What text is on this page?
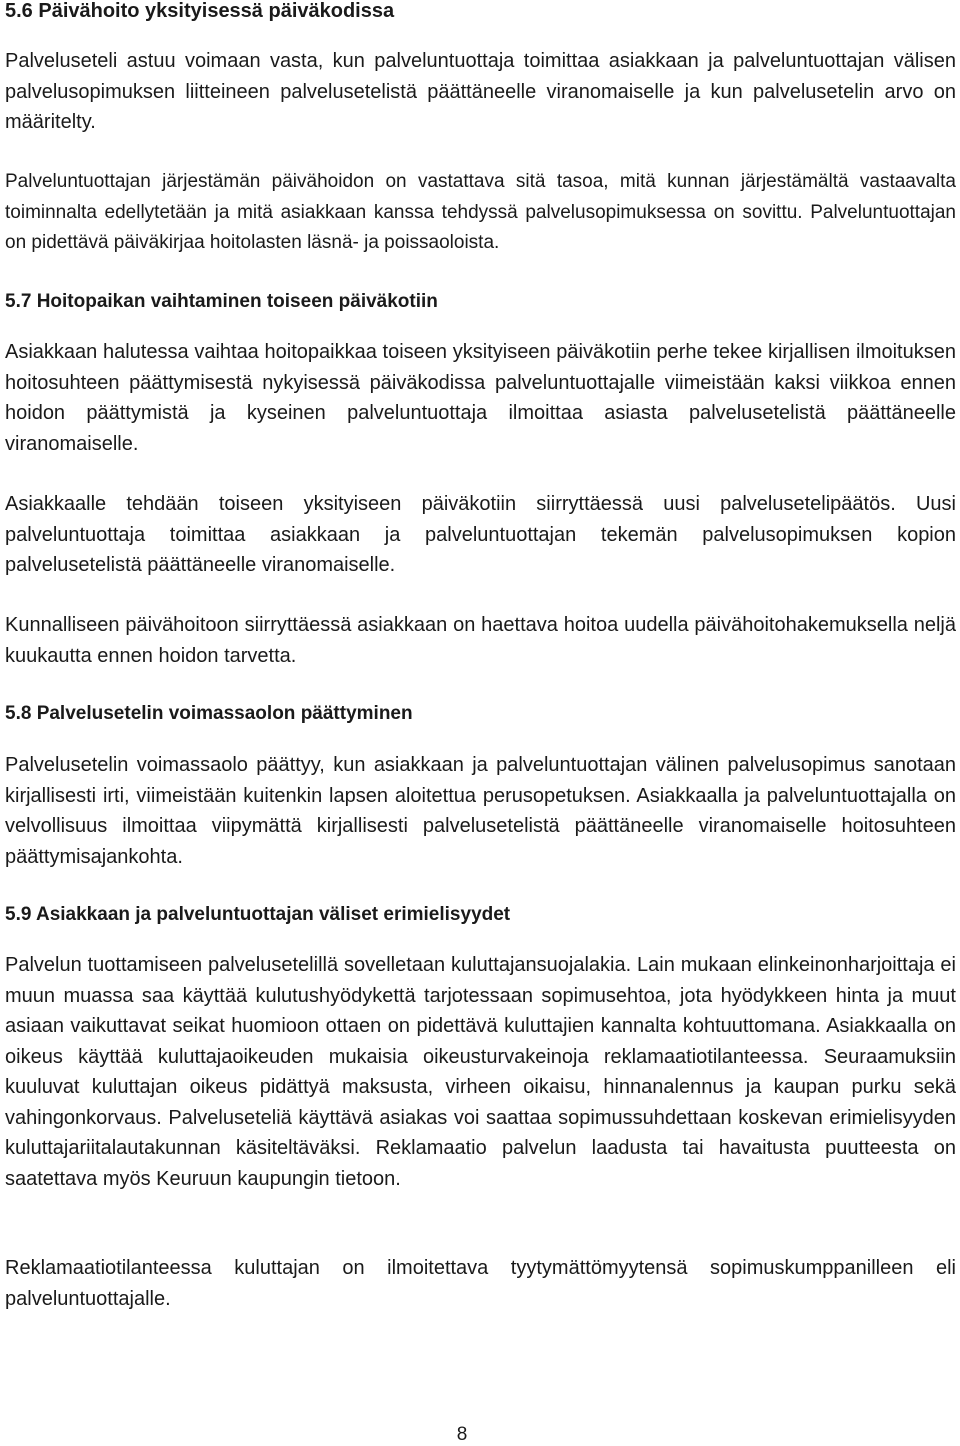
5.6 Päivähoito yksityisessä päiväkodissa

Palveluseteli astuu voimaan vasta, kun palveluntuottaja toimittaa asiakkaan ja palveluntuottajan välisen palvelusopimuksen liitteineen palvelusetelistä päättäneelle viranomaiselle ja kun palvelusetelin arvo on määritelty.

Palveluntuottajan järjestämän päivähoidon on vastattava sitä tasoa, mitä kunnan järjestämältä vastaavalta toiminnalta edellytetään ja mitä asiakkaan kanssa tehdyssä palvelusopimuksessa on sovittu. Palveluntuottajan on pidettävä päiväkirjaa hoitolasten läsnä- ja poissaoloista.

5.7 Hoitopaikan vaihtaminen toiseen päiväkotiin

Asiakkaan halutessa vaihtaa hoitopaikkaa toiseen yksityiseen päiväkotiin perhe tekee kirjallisen ilmoituksen hoitosuhteen päättymisestä nykyisessä päiväkodissa palveluntuottajalle viimeistään kaksi viikkoa ennen hoidon päättymistä ja kyseinen palveluntuottaja ilmoittaa asiasta palvelusetelistä päättäneelle viranomaiselle.

Asiakkaalle tehdään toiseen yksityiseen päiväkotiin siirryttäessä uusi palvelusetelipäätös. Uusi palveluntuottaja toimittaa asiakkaan ja palveluntuottajan tekemän palvelusopimuksen kopion palvelusetelistä päättäneelle viranomaiselle.

Kunnalliseen päivähoitoon siirryttäessä asiakkaan on haettava hoitoa uudella päivähoitohakemuksella neljä kuukautta ennen hoidon tarvetta.

5.8 Palvelusetelin voimassaolon päättyminen

Palvelusetelin voimassaolo päättyy, kun asiakkaan ja palveluntuottajan välinen palvelusopimus sanotaan kirjallisesti irti, viimeistään kuitenkin lapsen aloitettua perusopetuksen. Asiakkaalla ja palveluntuottajalla on velvollisuus ilmoittaa viipymättä kirjallisesti palvelusetelistä päättäneelle viranomaiselle hoitosuhteen päättymisajankohta.

5.9 Asiakkaan ja palveluntuottajan väliset erimielisyydet

Palvelun tuottamiseen palvelusetelillä sovelletaan kuluttajansuojalakia. Lain mukaan elinkeinonharjoittaja ei muun muassa saa käyttää kulutushyödykettä tarjotessaan sopimusehtoa, jota hyödykkeen hinta ja muut asiaan vaikuttavat seikat huomioon ottaen on pidettävä kuluttajien kannalta kohtuuttomana. Asiakkaalla on oikeus käyttää kuluttajaoikeuden mukaisia oikeusturvakeinoja reklamaatiotilanteessa. Seuraamuksiin kuuluvat kuluttajan oikeus pidättyä maksusta, virheen oikaisu, hinnanalennus ja kaupan purku sekä vahingonkorvaus. Palveluseteliä käyttävä asiakas voi saattaa sopimussuhdettaan koskevan erimielisyyden kuluttajariitalautakunnan käsiteltäväksi. Reklamaatio palvelun laadusta tai havaitusta puutteesta on saatettava myös Keuruun kaupungin tietoon.

Reklamaatiotilanteessa kuluttajan on ilmoitettava tyytymättömyytensä sopimuskumppanilleen eli palveluntuottajalle.

8
